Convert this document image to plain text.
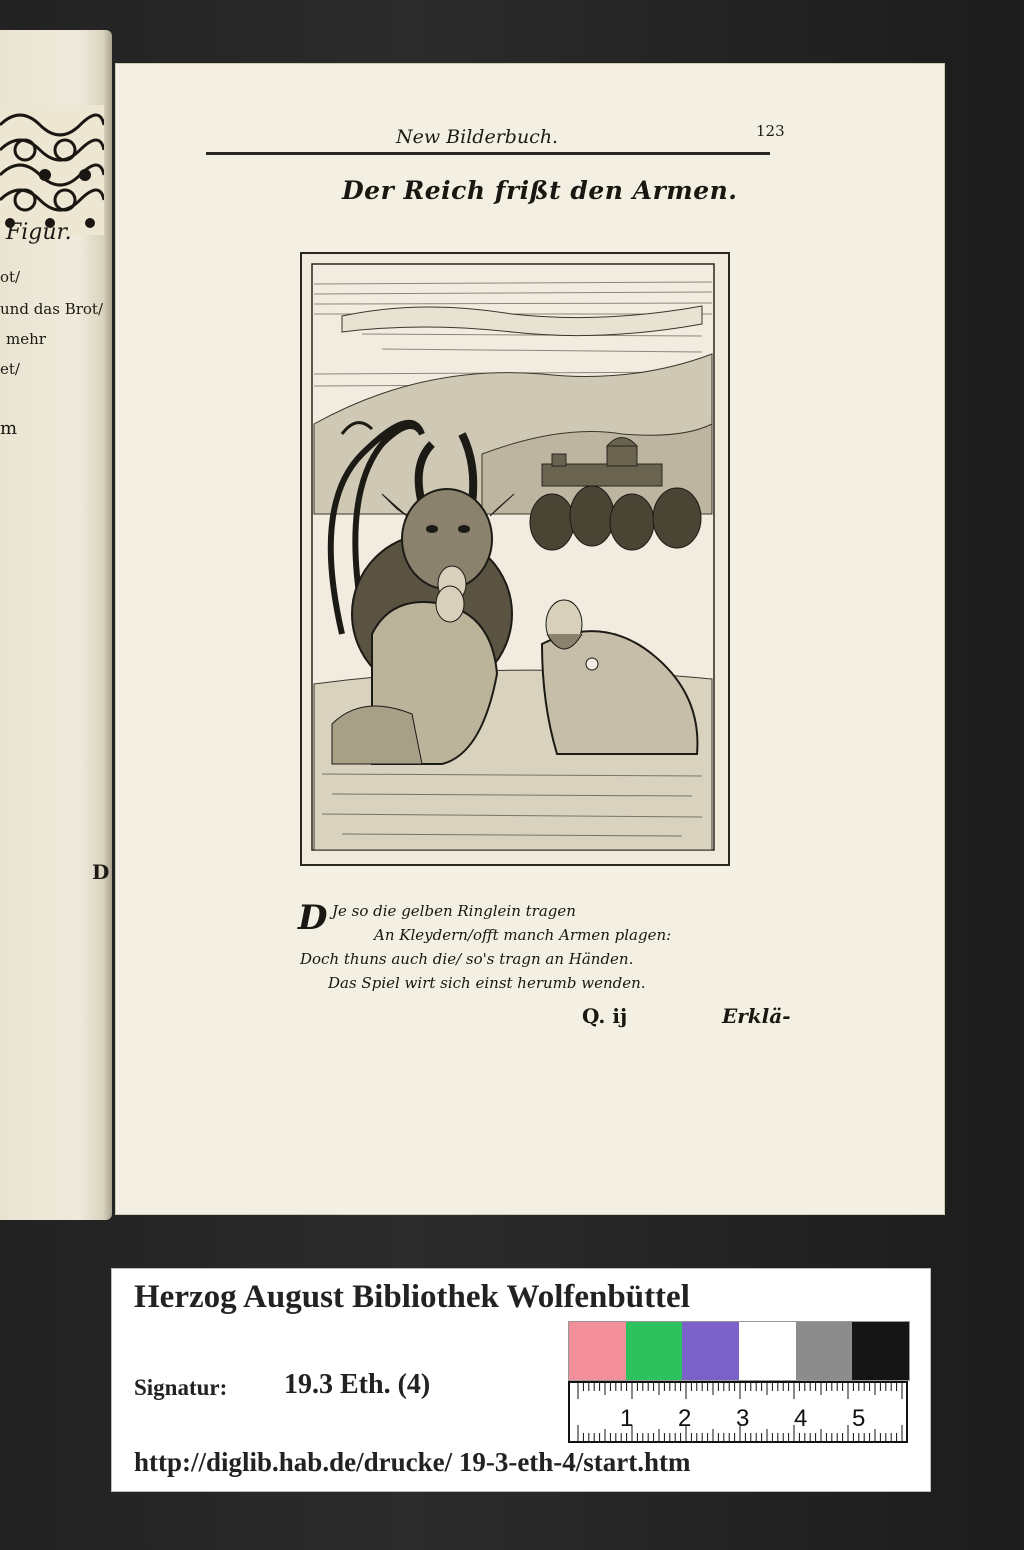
Figur.
ot/
und das Brot/
mehr
et/
m
D
New Bilderbuch.	123
Der Reich frißt den Armen.
D Je so die gelben Ringlein tragen
An Kleydern/offt manch Armen plagen:
Doch thuns auch die/ so's tragn an Händen.
Das Spiel wirt sich einst herumb wenden.
Q. ij	Erklä-
Herzog August Bibliothek Wolfenbüttel
Signatur: 19.3 Eth. (4)
1 2 3 4 5
http://diglib.hab.de/drucke/ 19-3-eth-4/start.htm
